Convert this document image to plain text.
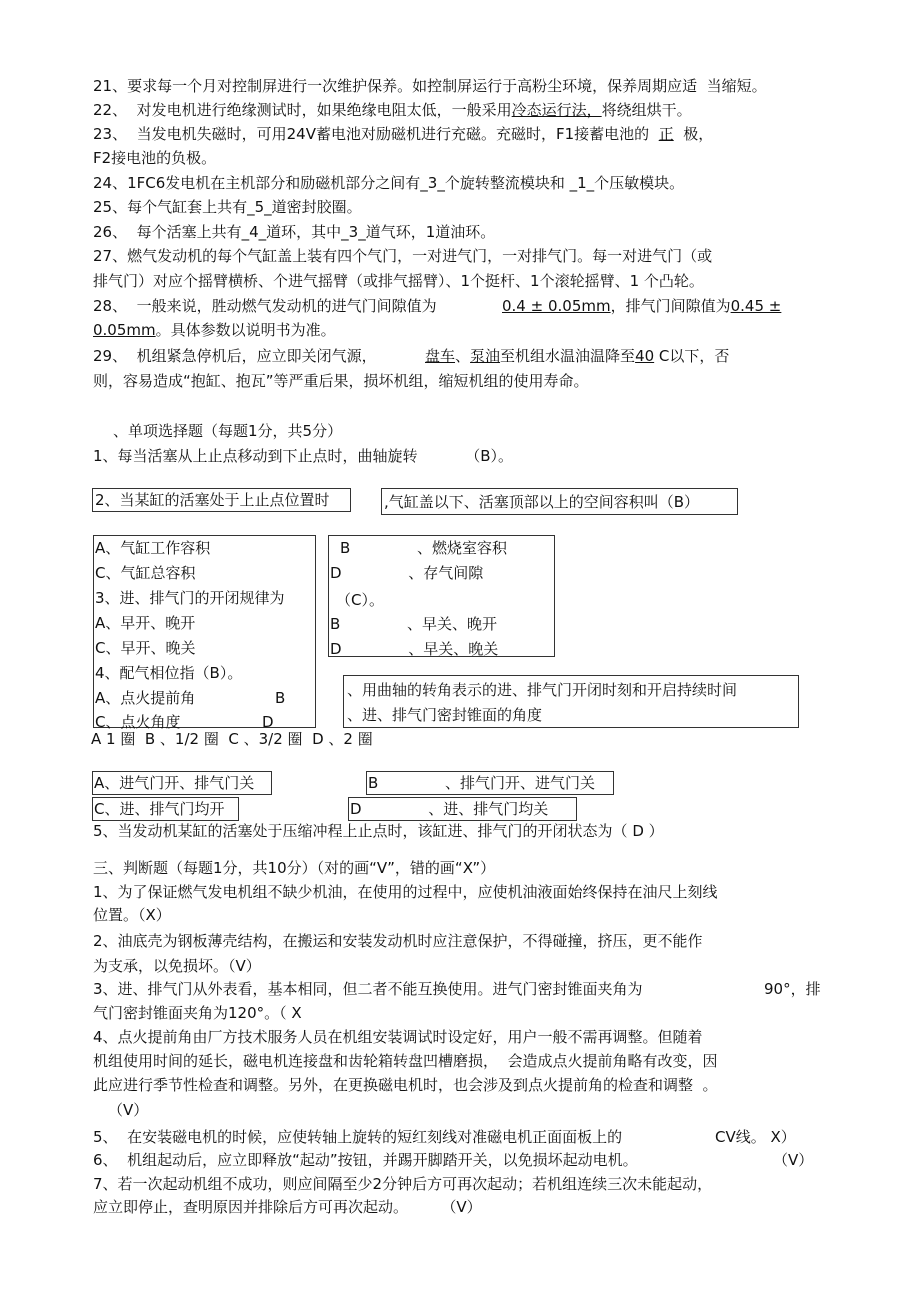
21、要求每一个月对控制屏进行一次维护保养。如控制屏运行于高粉尘环境，保养周期应适  当缩短。
22、  对发电机进行绝缘测试时，如果绝缘电阻太低，一般采用冷态运行法，将绕组烘干。
23、  当发电机失磁时，可用24V蓄电池对励磁机进行充磁。充磁时，F1接蓄电池的 正 极，
F2接电池的负极。
24、1FC6发电机在主机部分和励磁机部分之间有_3_个旋转整流模块和 _1_个压敏模块。
25、每个气缸套上共有_5_道密封胶圈。
26、  每个活塞上共有_4_道环，其中_3_道气环，1道油环。
27、燃气发动机的每个气缸盖上装有四个气门，一对进气门，一对排气门。每一对进气门（或
排气门）对应个摇臂横桥、个进气摇臂（或排气摇臂）、1个挺杆、1个滚轮摇臂、1 个凸轮。
28、  一般来说，胜动燃气发动机的进气门间隙值为	0.4 ± 0.05mm，排气门间隙值为0.45 ±
0.05mm。具体参数以说明书为准。
29、  机组紧急停机后，应立即关闭气源，	盘车、泵油至机组水温油温降至40 C以下，否
则，容易造成“抱缸、抱瓦”等严重后果，损坏机组，缩短机组的使用寿命。
、单项选择题（每题1分，共5分）
1、每当活塞从上止点移动到下止点时，曲轴旋转          （B）。
2、当某缸的活塞处于上止点位置时	,气缸盖以下、活塞顶部以上的空间容积叫（B）
A、气缸工作容积	B              、燃烧室容积
C、气缸总容积	D              、存气间隙
3、进、排气门的开闭规律为	（C）。
A、早开、晚开	B              、早关、晚开
C、早开、晚关	D              、早关、晚关
4、配气相位指（B）。
A、点火提前角	B	、用曲轴的转角表示的进、排气门开闭时刻和开启持续时间
C、点火角度	D	、进、排气门密封锥面的角度
A 1 圈  B 、1/2 圈  C 、3/2 圈  D 、2 圈
A、进气门开、排气门关	B              、排气门开、进气门关
C、进、排气门均开	D              、进、排气门均关
5、当发动机某缸的活塞处于压缩冲程上止点时，该缸进、排气门的开闭状态为（ D ）
三、判断题（每题1分，共10分）（对的画“V”，错的画“X”）
1、为了保证燃气发电机组不缺少机油，在使用的过程中，应使机油液面始终保持在油尺上刻线
位置。（X）
2、油底壳为钢板薄壳结构，在搬运和安装发动机时应注意保护，不得碰撞，挤压，更不能作
为支承，以免损坏。（V）
3、进、排气门从外表看，基本相同，但二者不能互换使用。进气门密封锥面夹角为	90°，排
气门密封锥面夹角为120°。（ X
4、点火提前角由厂方技术服务人员在机组安装调试时设定好，用户一般不需再调整。但随着
机组使用时间的延长，磁电机连接盘和齿轮箱转盘凹槽磨损，  会造成点火提前角略有改变，因
此应进行季节性检查和调整。另外，在更换磁电机时，也会涉及到点火提前角的检查和调整  。
（V）
5、  在安装磁电机的时候，应使转轴上旋转的短红刻线对准磁电机正面面板上的	CV线。 X）
6、  机组起动后，应立即释放“起动”按钮，并踢开脚踏开关，以免损坏起动电机。	（V）
7、若一次起动机组不成功，则应间隔至少2分钟后方可再次起动；若机组连续三次未能起动，
应立即停止，查明原因并排除后方可再次起动。       （V）
